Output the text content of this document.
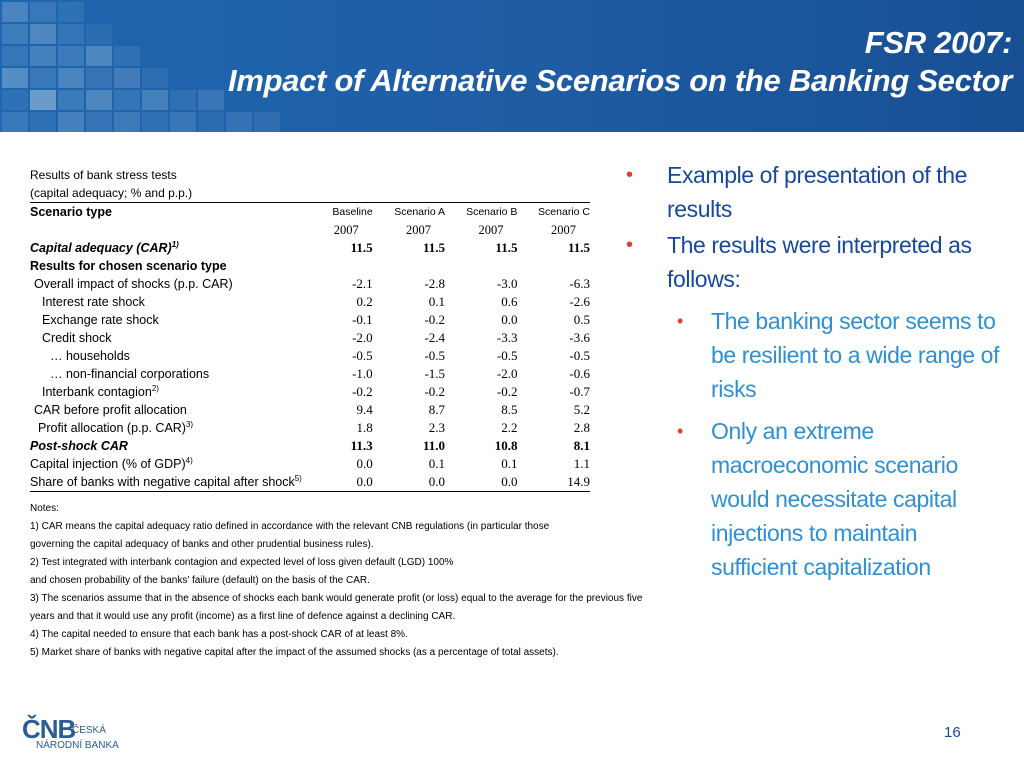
FSR 2007:
Impact of Alternative Scenarios on the Banking Sector
Results of bank stress tests
(capital adequacy; % and p.p.)
Scenario type	Baseline	Scenario A	Scenario B	Scenario C
	2007	2007	2007	2007
Capital adequacy (CAR)$^{1)}$	11.5	11.5	11.5	11.5
Results for chosen scenario type				
Overall impact of shocks (p.p. CAR)	-2.1	-2.8	-3.0	-6.3
Interest rate shock	0.2	0.1	0.6	-2.6
Exchange rate shock	-0.1	-0.2	0.0	0.5
Credit shock	-2.0	-2.4	-3.3	-3.6
… households	-0.5	-0.5	-0.5	-0.5
… non-financial corporations	-1.0	-1.5	-2.0	-0.6
Interbank contagion$^{2)}$	-0.2	-0.2	-0.2	-0.7
CAR before profit allocation	9.4	8.7	8.5	5.2
Profit allocation (p.p. CAR)$^{3)}$	1.8	2.3	2.2	2.8
Post-shock CAR	11.3	11.0	10.8	8.1
Capital injection (% of GDP)$^{4)}$	0.0	0.1	0.1	1.1
Share of banks with negative capital after shock$^{5)}$	0.0	0.0	0.0	14.9
Notes:
1) CAR means the capital adequacy ratio defined in accordance with the relevant CNB regulations (in particular those
governing the capital adequacy of banks and other prudential business rules).
2) Test integrated with interbank contagion and expected level of loss given default (LGD) 100%
and chosen probability of the banks' failure (default) on the basis of the CAR.
3) The scenarios assume that in the absence of shocks each bank would generate profit (or loss) equal to the average for the previous five
years and that it would use any profit (income) as a first line of defence against a declining CAR.
4) The capital needed to ensure that each bank has a post-shock CAR of at least 8%.
5) Market share of banks with negative capital after the impact of the assumed shocks (as a percentage of total assets).
• Example of presentation of the results
• The results were interpreted as follows:
• The banking sector seems to be resilient to a wide range of risks
• Only an extreme macroeconomic scenario would necessitate capital injections to maintain sufficient capitalization
ČNB
ČESKÁ
NÁRODNÍ BANKA
16
